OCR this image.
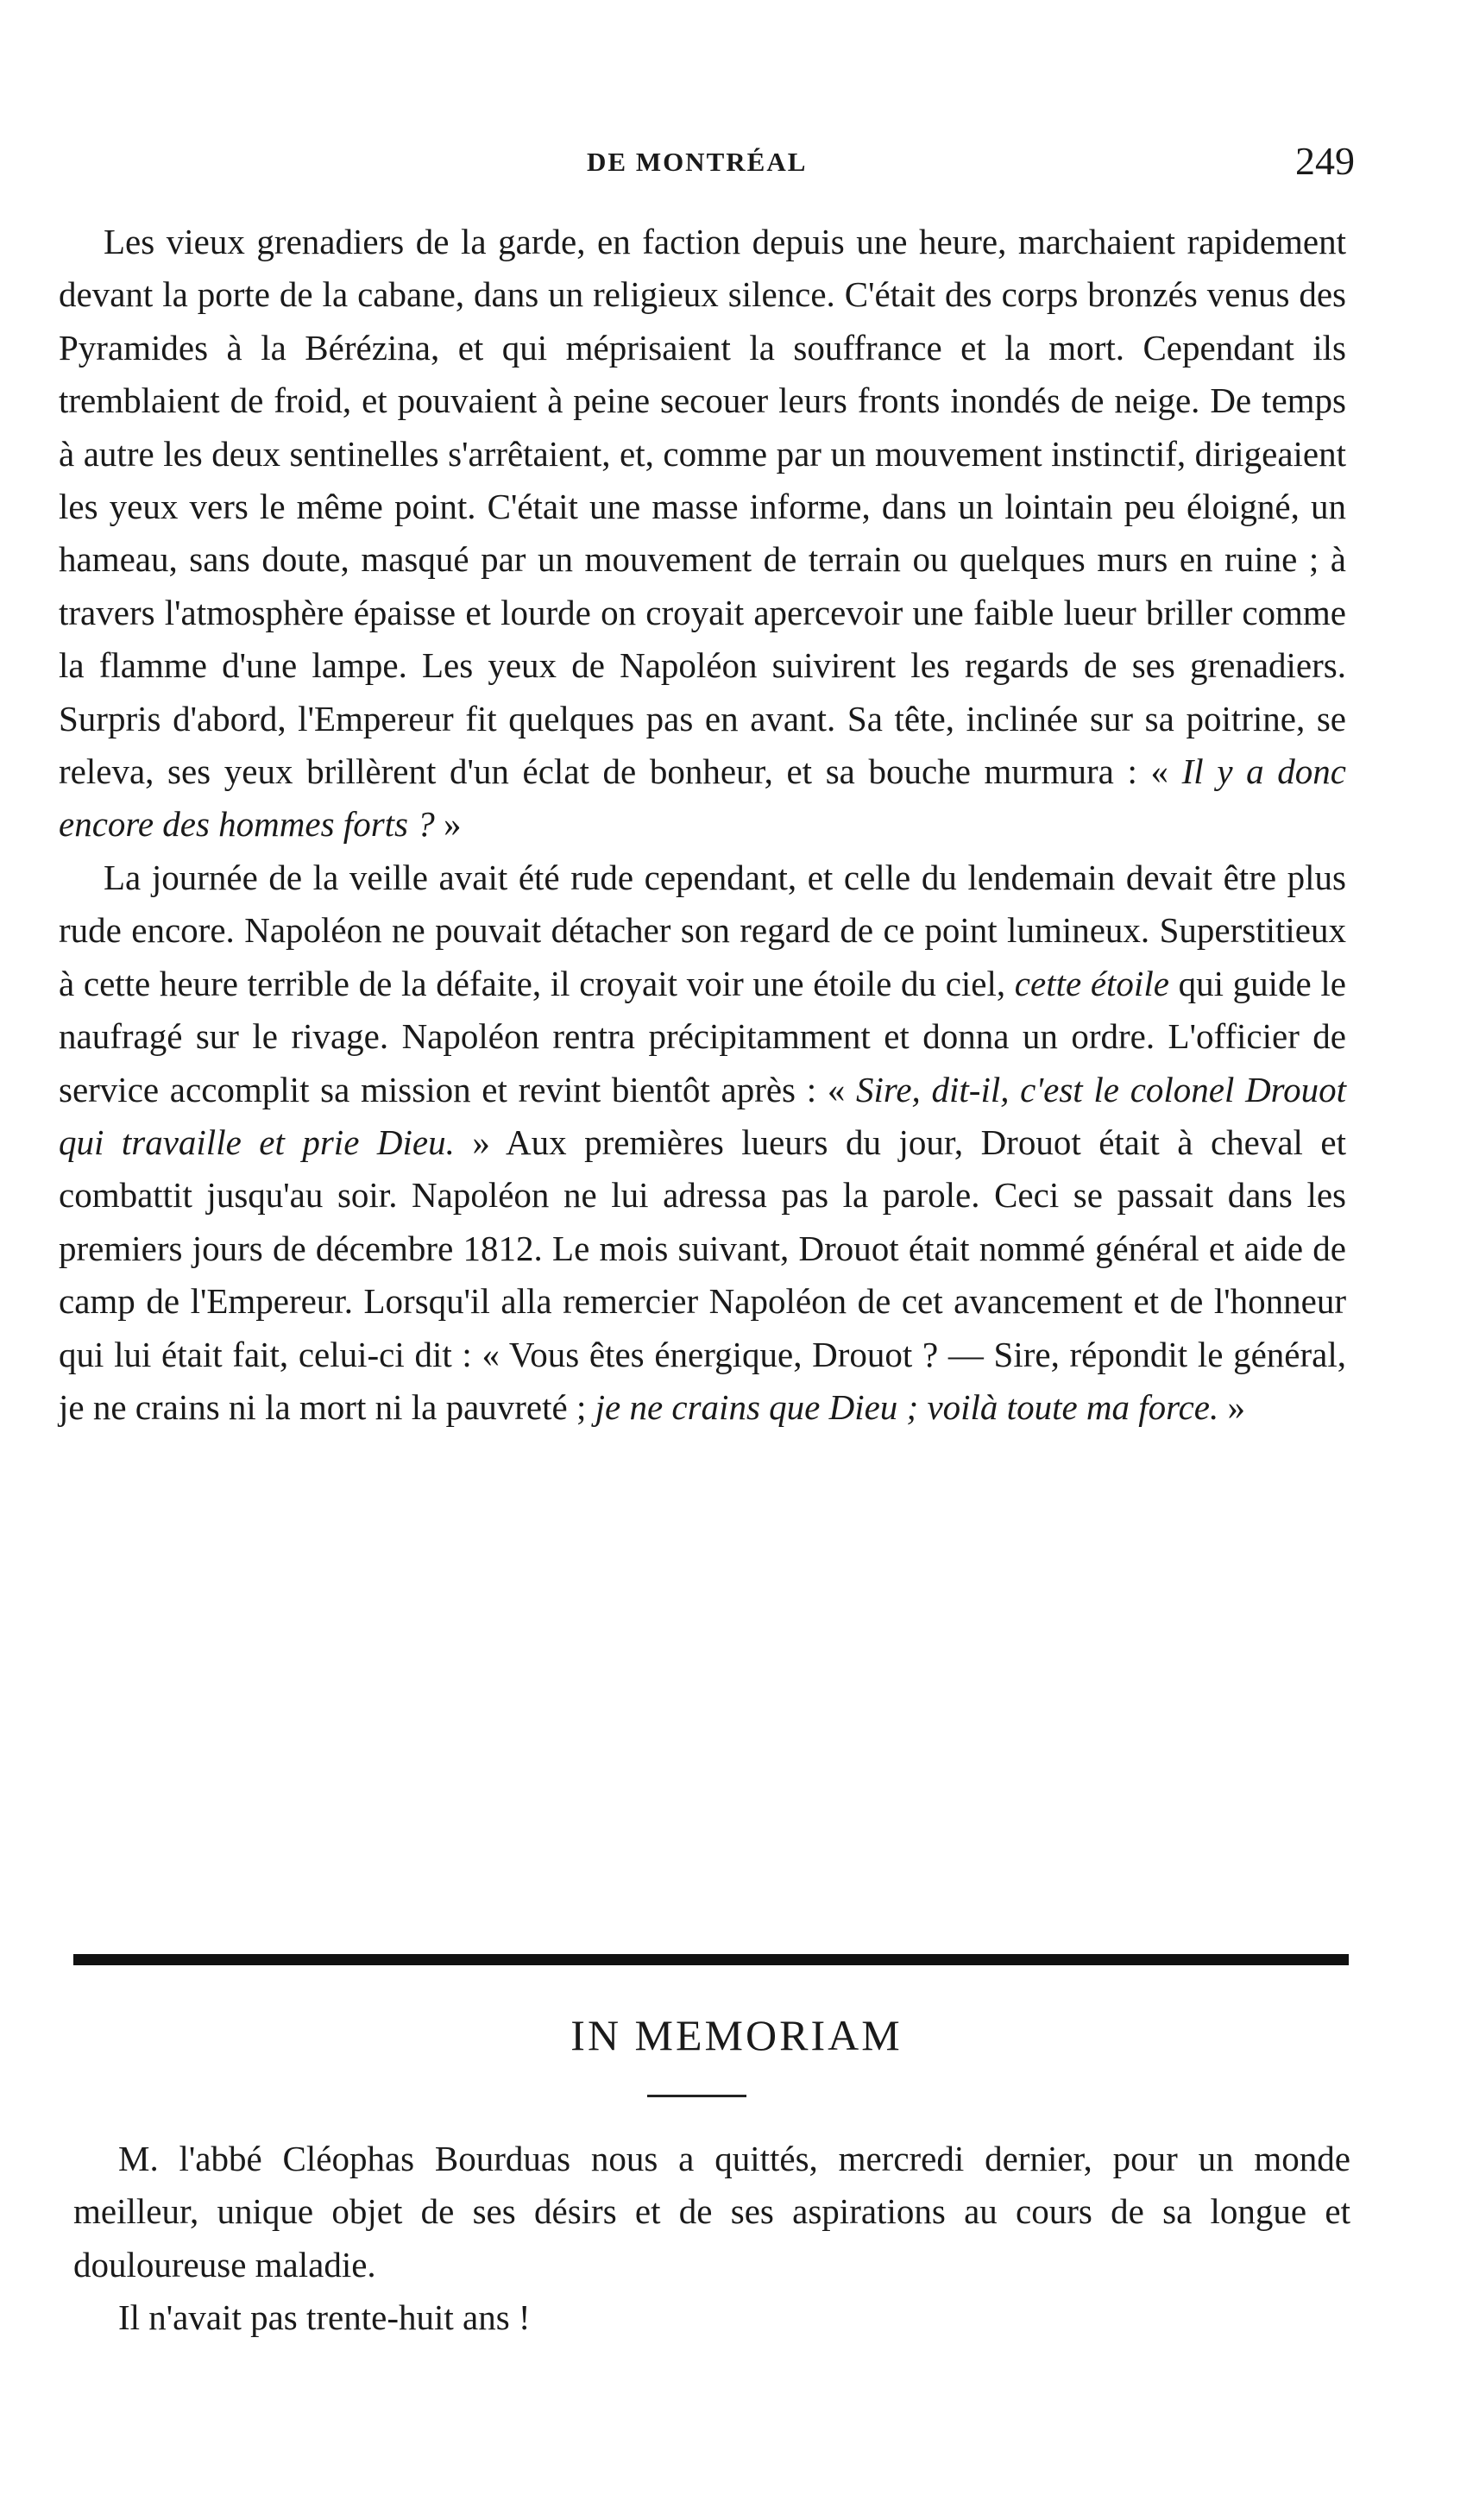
DE MONTRÉAL	249

Les vieux grenadiers de la garde, en faction depuis une heure, marchaient rapidement devant la porte de la cabane, dans un religieux silence. C'était des corps bronzés venus des Pyramides à la Bérézina, et qui méprisaient la souffrance et la mort. Cependant ils tremblaient de froid, et pouvaient à peine secouer leurs fronts inondés de neige. De temps à autre les deux sentinelles s'arrêtaient, et, comme par un mouvement instinctif, dirigeaient les yeux vers le même point. C'était une masse informe, dans un lointain peu éloigné, un hameau, sans doute, masqué par un mouvement de terrain ou quelques murs en ruine ; à travers l'atmosphère épaisse et lourde on croyait apercevoir une faible lueur briller comme la flamme d'une lampe. Les yeux de Napoléon suivirent les regards de ses grenadiers. Surpris d'abord, l'Empereur fit quelques pas en avant. Sa tête, inclinée sur sa poitrine, se releva, ses yeux brillèrent d'un éclat de bonheur, et sa bouche murmura : « Il y a donc encore des hommes forts ? »

La journée de la veille avait été rude cependant, et celle du lendemain devait être plus rude encore. Napoléon ne pouvait détacher son regard de ce point lumineux. Superstitieux à cette heure terrible de la défaite, il croyait voir une étoile du ciel, cette étoile qui guide le naufragé sur le rivage. Napoléon rentra précipitamment et donna un ordre. L'officier de service accomplit sa mission et revint bientôt après : « Sire, dit-il, c'est le colonel Drouot qui travaille et prie Dieu. » Aux premières lueurs du jour, Drouot était à cheval et combattit jusqu'au soir. Napoléon ne lui adressa pas la parole. Ceci se passait dans les premiers jours de décembre 1812. Le mois suivant, Drouot était nommé général et aide de camp de l'Empereur. Lorsqu'il alla remercier Napoléon de cet avancement et de l'honneur qui lui était fait, celui-ci dit : « Vous êtes énergique, Drouot ? — Sire, répondit le général, je ne crains ni la mort ni la pauvreté ; je ne crains que Dieu ; voilà toute ma force. »

IN MEMORIAM

M. l'abbé Cléophas Bourduas nous a quittés, mercredi dernier, pour un monde meilleur, unique objet de ses désirs et de ses aspirations au cours de sa longue et douloureuse maladie.

Il n'avait pas trente-huit ans !
